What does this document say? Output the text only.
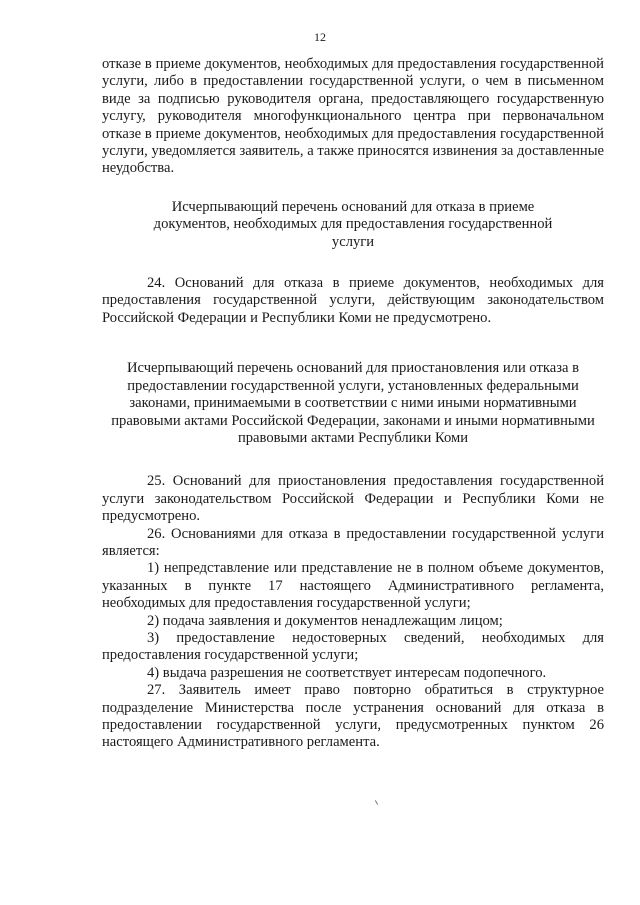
12

отказе в приеме документов, необходимых для предоставления государственной услуги, либо в предоставлении государственной услуги, о чем в письменном виде за подписью руководителя органа, предоставляющего государственную услугу, руководителя многофункционального центра при первоначальном отказе в приеме документов, необходимых для предоставления государственной услуги, уведомляется заявитель, а также приносятся извинения за доставленные неудобства.

Исчерпывающий перечень оснований для отказа в приеме документов, необходимых для предоставления государственной услуги

24. Оснований для отказа в приеме документов, необходимых для предоставления государственной услуги, действующим законодательством Российской Федерации и Республики Коми не предусмотрено.

Исчерпывающий перечень оснований для приостановления или отказа в предоставлении государственной услуги, установленных федеральными законами, принимаемыми в соответствии с ними иными нормативными правовыми актами Российской Федерации, законами и иными нормативными правовыми актами Республики Коми

25. Оснований для приостановления предоставления государственной услуги законодательством Российской Федерации и Республики Коми не предусмотрено.

26. Основаниями для отказа в предоставлении государственной услуги является:

1) непредставление или представление не в полном объеме документов, указанных в пункте 17 настоящего Административного регламента, необходимых для предоставления государственной услуги;

2) подача заявления и документов ненадлежащим лицом;

3) предоставление недостоверных сведений, необходимых для предоставления государственной услуги;

4) выдача разрешения не соответствует интересам подопечного.

27. Заявитель имеет право повторно обратиться в структурное подразделение Министерства после устранения оснований для отказа в предоставлении государственной услуги, предусмотренных пунктом 26 настоящего Административного регламента.
